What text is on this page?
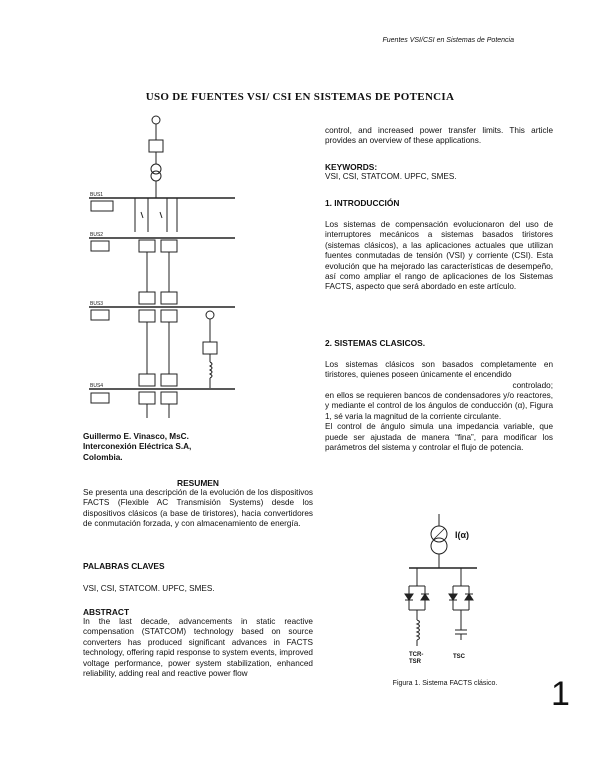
Fuentes VSI/CSI en Sistemas de Potencia
USO DE FUENTES VSI/ CSI EN SISTEMAS DE POTENCIA
BUS1
BUS2
BUS3
BUS4
Guillermo E. Vinasco, MsC.
Interconexión Eléctrica S.A,
Colombia.

RESUMEN

Se presenta una descripción de la evolución de los dispositivos FACTS (Flexible AC Transmisión Systems) desde los dispositivos clásicos (a base de tiristores), hacia convertidores de conmutación forzada, y con almacenamiento de energía.

PALABRAS CLAVES

VSI, CSI, STATCOM. UPFC, SMES.

ABSTRACT

In the last decade, advancements in static reactive compensation (STATCOM) technology based on source converters has produced significant advances in FACTS technology, offering rapid response to system events, improved voltage performance, power system stabilization, enhanced reliability, adding real and reactive power flow

control, and increased power transfer limits. This article provides an overview of these applications.

KEYWORDS:

VSI, CSI, STATCOM. UPFC, SMES.

1. INTRODUCCIÓN

Los sistemas de compensación evolucionaron del uso de interruptores mecánicos a sistemas basados tiristores (sistemas clásicos), a las aplicaciones actuales que utilizan fuentes conmutadas de tensión (VSI) y corriente (CSI). Esta evolución que ha mejorado las características de desempeño, así como ampliar el rango de aplicaciones de los Sistemas FACTS, aspecto que será abordado en este artículo.

2. SISTEMAS CLASICOS.

Los sistemas clásicos son basados completamente en tiristores, quienes poseen únicamente el encendido

controlado;

en ellos se requieren bancos de condensadores y/o reactores, y mediante el control de los ángulos de conducción (α), Figura 1, sé varia la magnitud de la corriente circulante.

El control de ángulo simula una impedancia variable, que puede ser ajustada de manera “fina”, para modificar los parámetros del sistema y controlar el flujo de potencia.

I(α)
TCR-
TSR
TSC
Figura 1. Sistema FACTS clásico.	1
